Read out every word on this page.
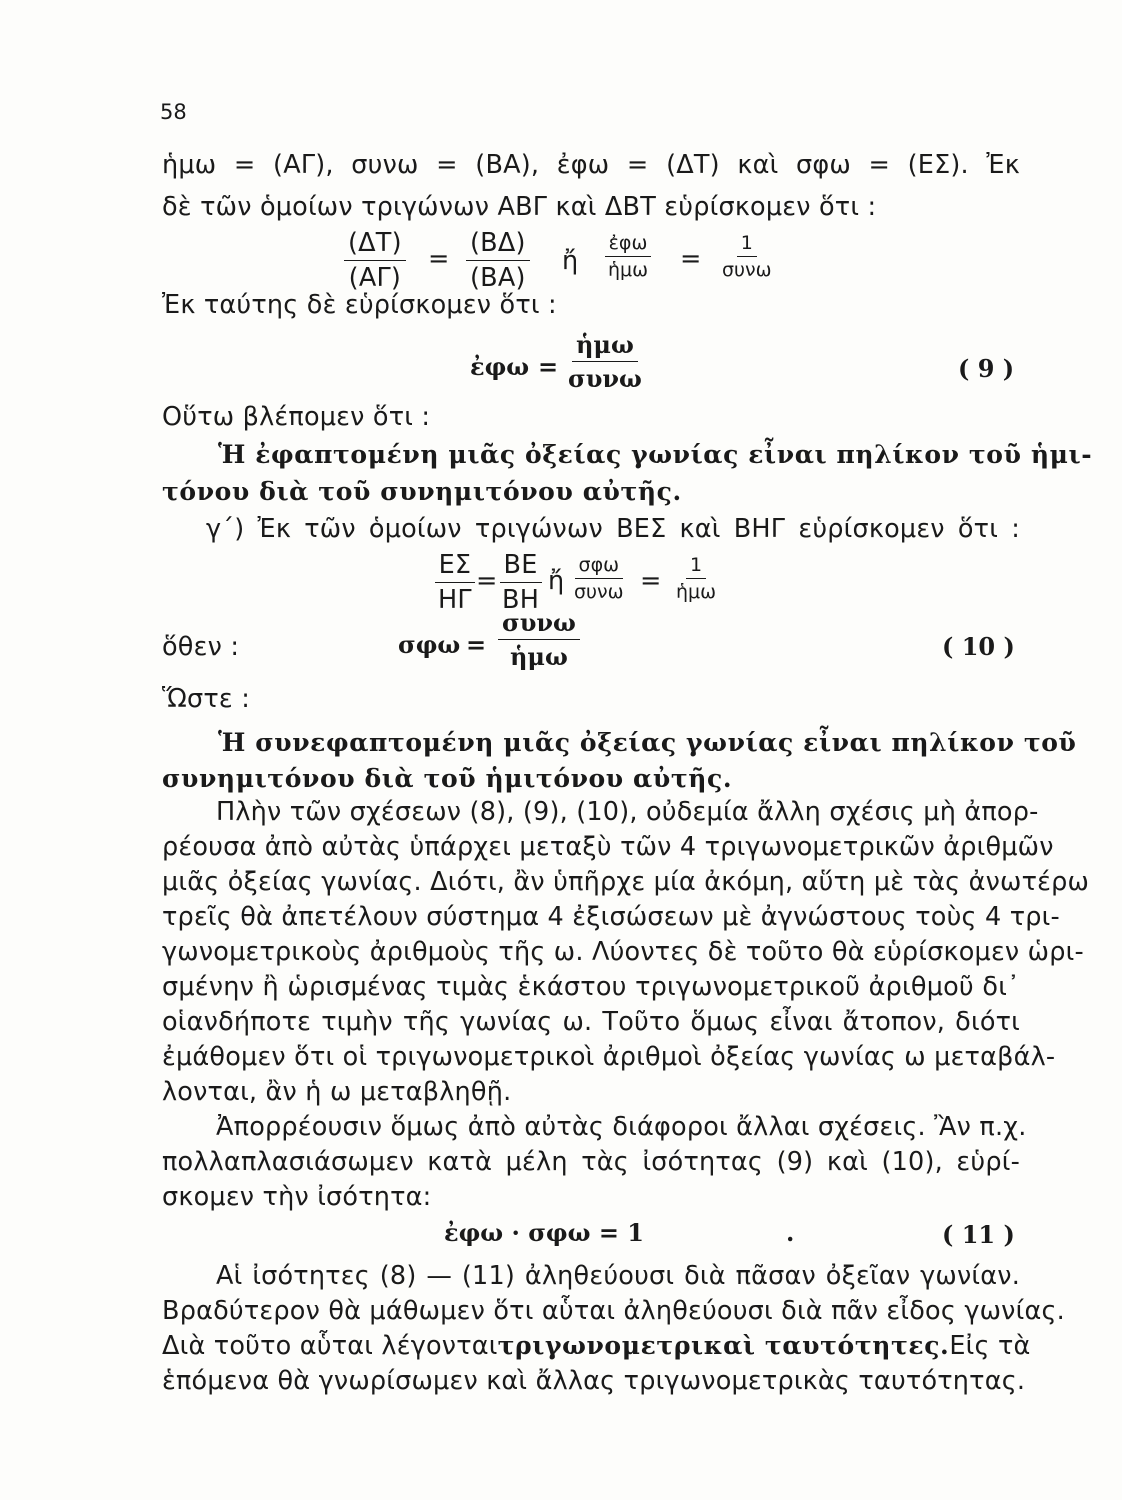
58
ἡμω = (ΑΓ), συνω = (ΒΑ), ἐφω = (ΔΤ) καὶ σφω = (ΕΣ). Ἐκ
δὲ τῶν ὁμοίων τριγώνων ΑΒΓ καὶ ΔΒΤ εὑρίσκομεν ὅτι :
$\frac{(\Delta T)}{(A\Gamma)} = \frac{(B\Delta)}{(BA)}$ ἤ
ἐφω
ἡμω =
1
συνω
Ἐκ ταύτης δὲ εὑρίσκομεν ὅτι :
ἐφω =
ἡμω
συνω	( 9 )
Οὕτω βλέπομεν ὅτι :
Ἡ ἐφαπτομένη μιᾶς ὀξείας γωνίας εἶναι πηλίκον τοῦ ἡμι-
τόνου διὰ τοῦ συνημιτόνου αὐτῆς.
γ΄) Ἐκ τῶν ὁμοίων τριγώνων ΒΕΣ καὶ ΒΗΓ εὑρίσκομεν ὅτι :
$\frac{E\Sigma}{H\Gamma} = \frac{BE}{BH}$ ἤ
σφω
συνω =
1
ἡμω
ὅθεν :	σφω =
συνω
ἡμω	( 10 )
Ὥστε :
Ἡ συνεφαπτομένη μιᾶς ὀξείας γωνίας εἶναι πηλίκον τοῦ
συνημιτόνου διὰ τοῦ ἡμιτόνου αὐτῆς.
Πλὴν τῶν σχέσεων (8), (9), (10), οὐδεμία ἄλλη σχέσις μὴ ἀπορ-
ρέουσα ἀπὸ αὐτὰς ὑπάρχει μεταξὺ τῶν 4 τριγωνομετρικῶν ἀριθμῶν
μιᾶς ὀξείας γωνίας. Διότι, ἂν ὑπῆρχε μία ἀκόμη, αὕτη μὲ τὰς ἀνωτέρω
τρεῖς θὰ ἀπετέλουν σύστημα 4 ἐξισώσεων μὲ ἀγνώστους τοὺς 4 τρι-
γωνομετρικοὺς ἀριθμοὺς τῆς ω. Λύοντες δὲ τοῦτο θὰ εὑρίσκομεν ὡρι-
σμένην ἢ ὡρισμένας τιμὰς ἑκάστου τριγωνομετρικοῦ ἀριθμοῦ δι᾽
οἱανδήποτε τιμὴν τῆς γωνίας ω. Τοῦτο ὅμως εἶναι ἄτοπον, διότι
ἐμάθομεν ὅτι οἱ τριγωνομετρικοὶ ἀριθμοὶ ὀξείας γωνίας ω μεταβάλ-
λονται, ἂν ἡ ω μεταβληθῇ.
Ἀπορρέουσιν ὅμως ἀπὸ αὐτὰς διάφοροι ἄλλαι σχέσεις. Ἂν π.χ.
πολλαπλασιάσωμεν κατὰ μέλη τὰς ἰσότητας (9) καὶ (10), εὑρί-
σκομεν τὴν ἰσότητα:
ἐφω · σφω = 1	.	( 11 )
Αἱ ἰσότητες (8) — (11) ἀληθεύουσι διὰ πᾶσαν ὀξεῖαν γωνίαν.
Βραδύτερον θὰ μάθωμεν ὅτι αὗται ἀληθεύουσι διὰ πᾶν εἶδος γωνίας.
Διὰ τοῦτο αὗται λέγονται τριγωνομετρικαὶ ταυτότητες. Εἰς τὰ
ἑπόμενα θὰ γνωρίσωμεν καὶ ἄλλας τριγωνομετρικὰς ταυτότητας.
